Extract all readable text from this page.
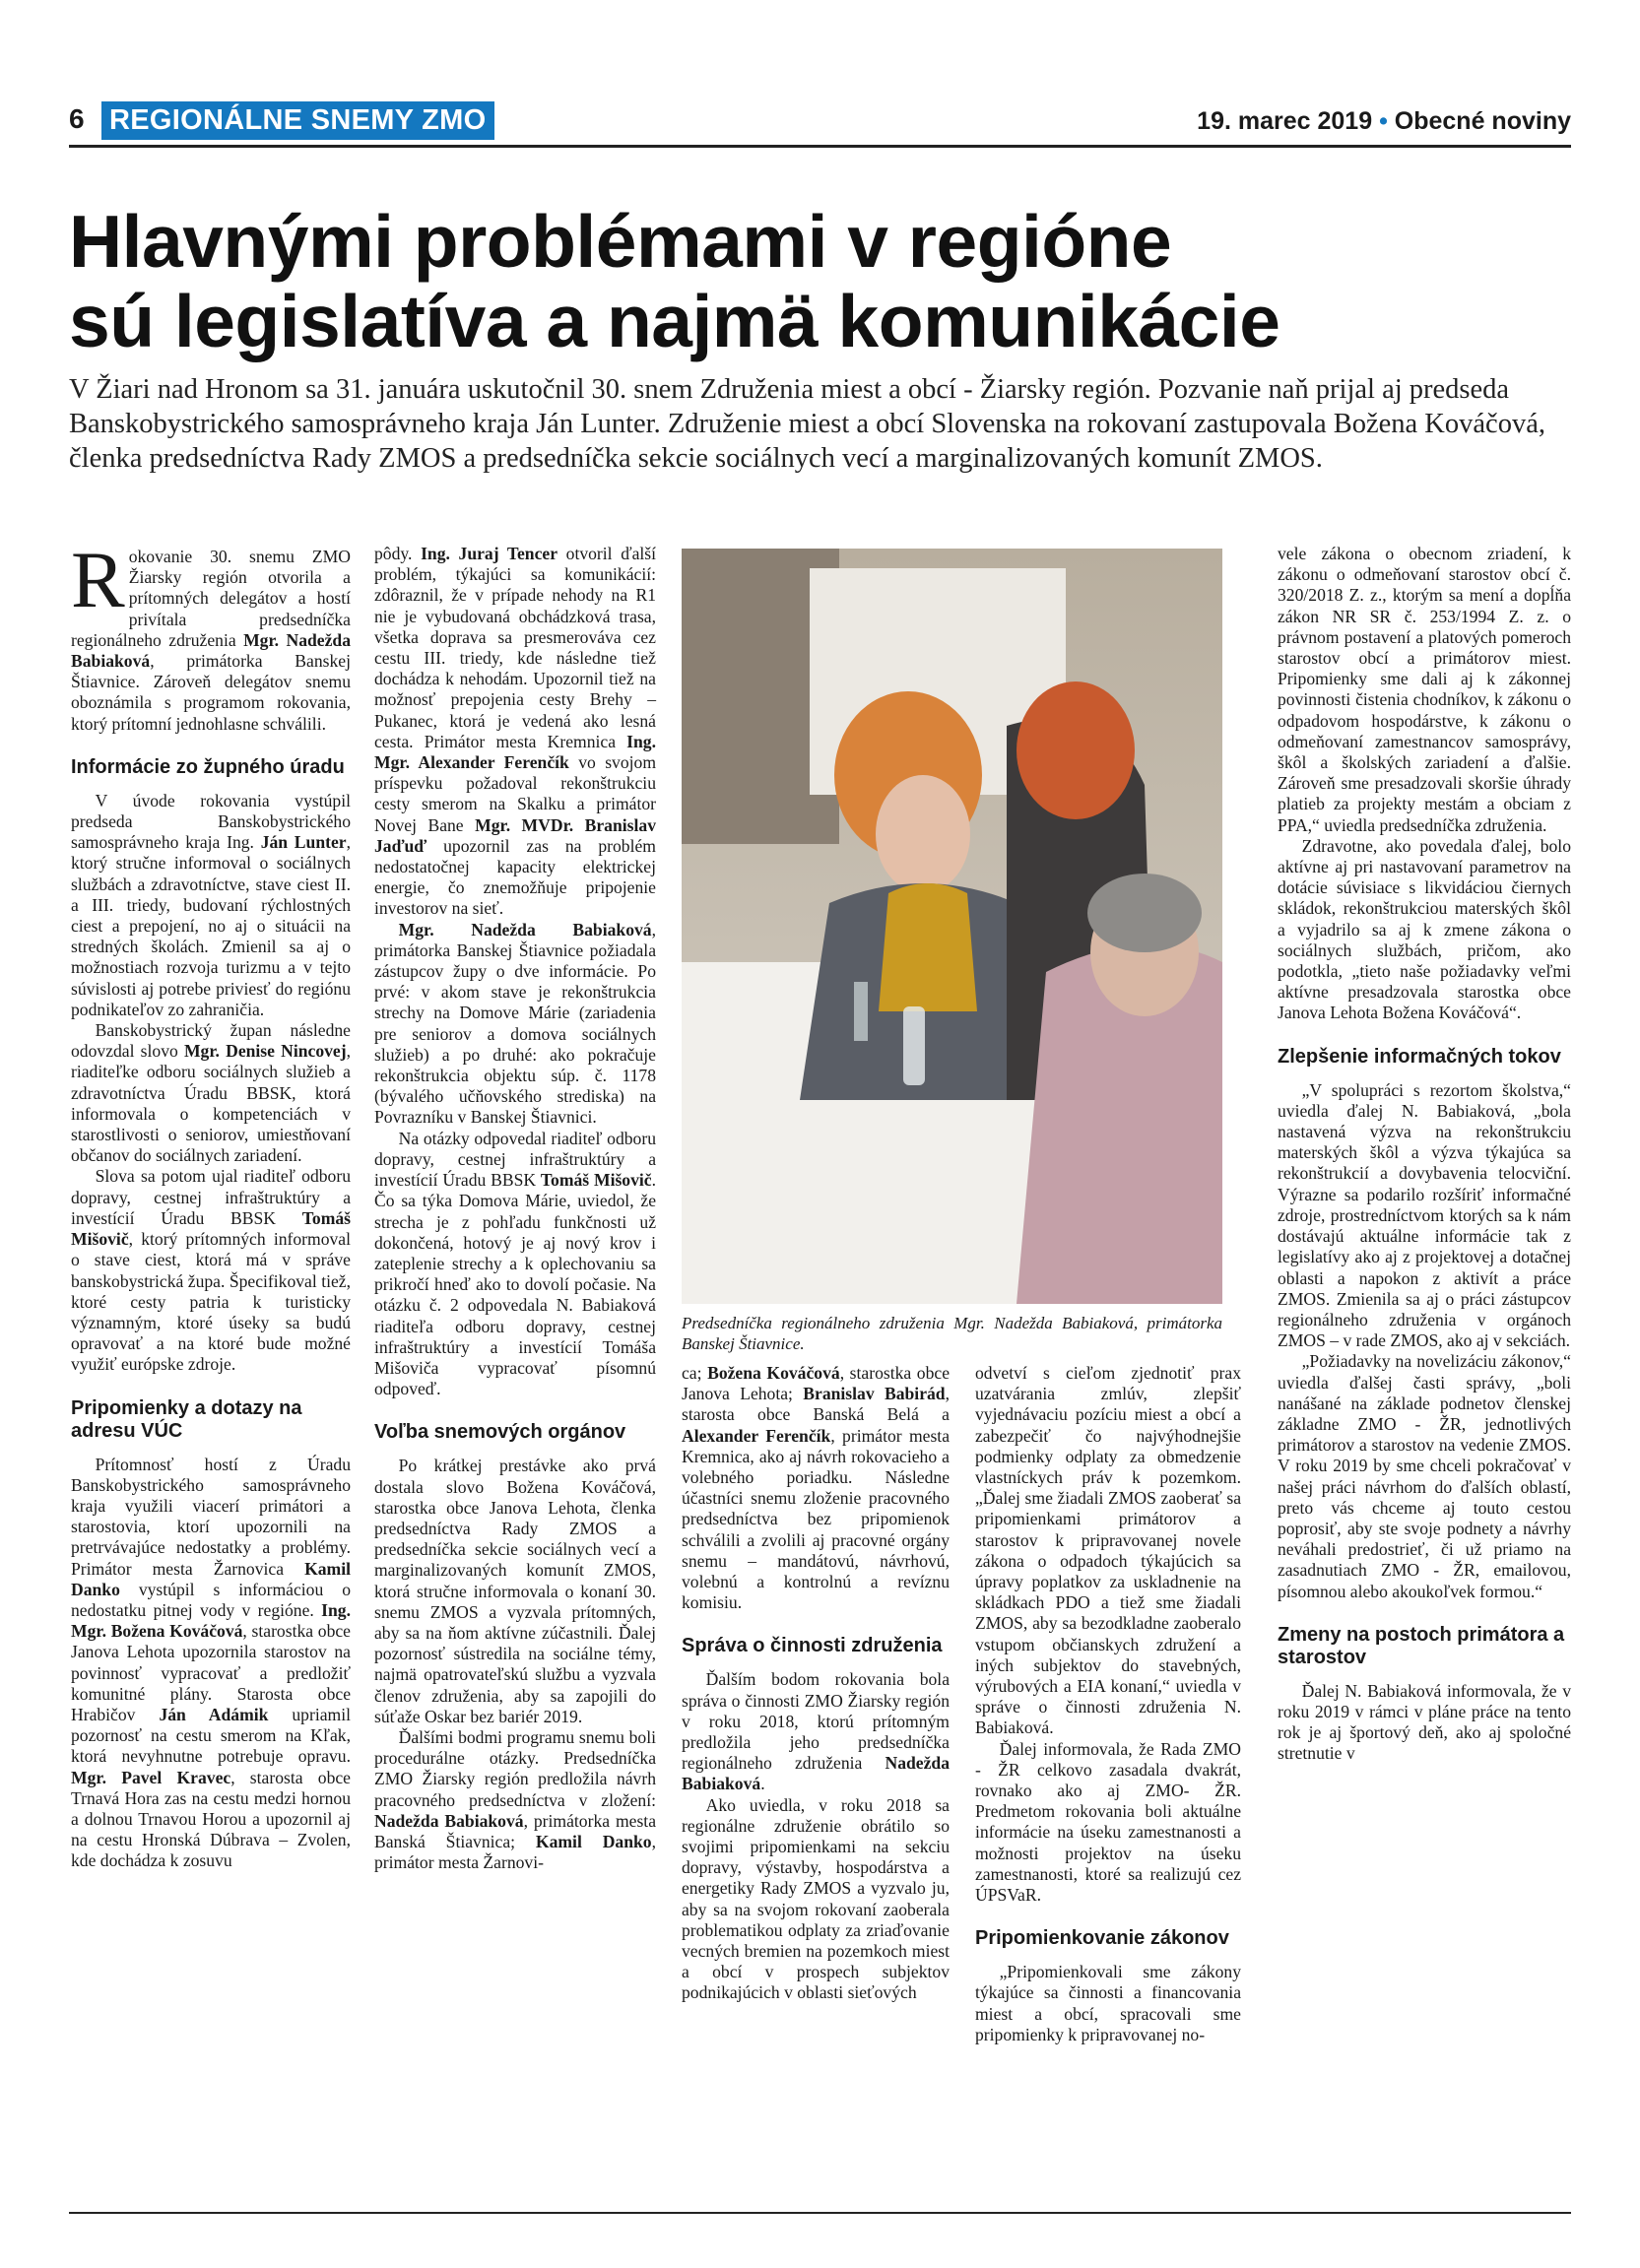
6 REGIONÁLNE SNEMY ZMO	19. marec 2019 • Obecné noviny
Hlavnými problémami v regióne
sú legislatíva a najmä komunikácie

V Žiari nad Hronom sa 31. januára uskutočnil 30. snem Združenia miest a obcí - Žiarsky región. Pozvanie naň prijal aj predseda Banskobystrického samosprávneho kraja Ján Lunter. Združenie miest a obcí Slovenska na rokovaní zastupovala Božena Kováčová, členka predsedníctva Rady ZMOS a predsedníčka sekcie sociálnych vecí a marginalizovaných komunít ZMOS.

Rokovanie 30. snemu ZMO Žiarsky región otvorila a prítomných delegátov a hostí privítala predsedníčka regionálneho združenia Mgr. Nadežda Babiaková, primátorka Banskej Štiavnice. Zároveň delegátov snemu oboznámila s programom rokovania, ktorý prítomní jednohlasne schválili.

Informácie zo župného úradu

V úvode rokovania vystúpil predseda Banskobystrického samosprávneho kraja Ing. Ján Lunter, ktorý stručne informoval o sociálnych službách a zdravotníctve, stave ciest II. a III. triedy, budovaní rýchlostných ciest a prepojení, no aj o situácii na stredných školách. Zmienil sa aj o možnostiach rozvoja turizmu a v tejto súvislosti aj potrebe priviesť do regiónu podnikateľov zo zahraničia.

Banskobystrický župan následne odovzdal slovo Mgr. Denise Nincovej, riaditeľke odboru sociálnych služieb a zdravotníctva Úradu BBSK, ktorá informovala o kompetenciách v starostlivosti o seniorov, umiestňovaní občanov do sociálnych zariadení.

Slova sa potom ujal riaditeľ odboru dopravy, cestnej infraštruktúry a investícií Úradu BBSK Tomáš Mišovič, ktorý prítomných informoval o stave ciest, ktorá má v správe banskobystrická župa. Špecifikoval tiež, ktoré cesty patria k turisticky významným, ktoré úseky sa budú opravovať a na ktoré bude možné využiť európske zdroje.

Pripomienky a dotazy na adresu VÚC

Prítomnosť hostí z Úradu Banskobystrického samosprávneho kraja využili viacerí primátori a starostovia, ktorí upozornili na pretrvávajúce nedostatky a problémy. Primátor mesta Žarnovica Kamil Danko vystúpil s informáciou o nedostatku pitnej vody v regióne. Ing. Mgr. Božena Kováčová, starostka obce Janova Lehota upozornila starostov na povinnosť vypracovať a predložiť komunitné plány. Starosta obce Hrabičov Ján Adámik upriamil pozornosť na cestu smerom na Kľak, ktorá nevyhnutne potrebuje opravu. Mgr. Pavel Kravec, starosta obce Trnavá Hora zas na cestu medzi hornou a dolnou Trnavou Horou a upozornil aj na cestu Hronská Dúbrava – Zvolen, kde dochádza k zosuvu

pôdy. Ing. Juraj Tencer otvoril ďalší problém, týkajúci sa komunikácií: zdôraznil, že v prípade nehody na R1 nie je vybudovaná obchádzková trasa, všetka doprava sa presmerováva cez cestu III. triedy, kde následne tiež dochádza k nehodám. Upozornil tiež na možnosť prepojenia cesty Brehy – Pukanec, ktorá je vedená ako lesná cesta. Primátor mesta Kremnica Ing. Mgr. Alexander Ferenčík vo svojom príspevku požadoval rekonštrukciu cesty smerom na Skalku a primátor Novej Bane Mgr. MVDr. Branislav Jaďuď upozornil zas na problém nedostatočnej kapacity elektrickej energie, čo znemožňuje pripojenie investorov na sieť.

Mgr. Nadežda Babiaková, primátorka Banskej Štiavnice požiadala zástupcov župy o dve informácie. Po prvé: v akom stave je rekonštrukcia strechy na Domove Márie (zariadenia pre seniorov a domova sociálnych služieb) a po druhé: ako pokračuje rekonštrukcia objektu súp. č. 1178 (bývalého učňovského strediska) na Povrazníku v Banskej Štiavnici.

Na otázky odpovedal riaditeľ odboru dopravy, cestnej infraštruktúry a investícií Úradu BBSK Tomáš Mišovič. Čo sa týka Domova Márie, uviedol, že strecha je z pohľadu funkčnosti už dokončená, hotový je aj nový krov i zateplenie strechy a k oplechovaniu sa prikročí hneď ako to dovolí počasie. Na otázku č. 2 odpovedala N. Babiaková riaditeľa odboru dopravy, cestnej infraštruktúry a investícií Tomáša Mišoviča vypracovať písomnú odpoveď.

Voľba snemových orgánov

Po krátkej prestávke ako prvá dostala slovo Božena Kováčová, starostka obce Janova Lehota, členka predsedníctva Rady ZMOS a predsedníčka sekcie sociálnych vecí a marginalizovaných komunít ZMOS, ktorá stručne informovala o konaní 30. snemu ZMOS a vyzvala prítomných, aby sa na ňom aktívne zúčastnili. Ďalej pozornosť sústredila na sociálne témy, najmä opatrovateľskú službu a vyzvala členov združenia, aby sa zapojili do súťaže Oskar bez bariér 2019.

Ďalšími bodmi programu snemu boli procedurálne otázky. Predsedníčka ZMO Žiarsky región predložila návrh pracovného predsedníctva v zložení: Nadežda Babiaková, primátorka mesta Banská Štiavnica; Kamil Danko, primátor mesta Žarnovi-

ca; Božena Kováčová, starostka obce Janova Lehota; Branislav Babirád, starosta obce Banská Belá a Alexander Ferenčík, primátor mesta Kremnica, ako aj návrh rokovacieho a volebného poriadku. Následne účastníci snemu zloženie pracovného predsedníctva bez pripomienok schválili a zvolili aj pracovné orgány snemu – mandátovú, návrhovú, volebnú a kontrolnú a revíznu komisiu.

Správa o činnosti združenia

Ďalším bodom rokovania bola správa o činnosti ZMO Žiarsky región v roku 2018, ktorú prítomným predložila jeho predsedníčka regionálneho združenia Nadežda Babiaková.

Ako uviedla, v roku 2018 sa regionálne združenie obrátilo so svojimi pripomienkami na sekciu dopravy, výstavby, hospodárstva a energetiky Rady ZMOS a vyzvalo ju, aby sa na svojom rokovaní zaoberala problematikou odplaty za zriaďovanie vecných bremien na pozemkoch miest a obcí v prospech subjektov podnikajúcich v oblasti sieťových

odvetví s cieľom zjednotiť prax uzatvárania zmlúv, zlepšiť vyjednávaciu pozíciu miest a obcí a zabezpečiť čo najvýhodnejšie podmienky odplaty za obmedzenie vlastníckych práv k pozemkom. „Ďalej sme žiadali ZMOS zaoberať sa pripomienkami primátorov a starostov k pripravovanej novele zákona o odpadoch týkajúcich sa úpravy poplatkov za uskladnenie na skládkach PDO a tiež sme žiadali ZMOS, aby sa bezodkladne zaoberalo vstupom občianskych združení a iných subjektov do stavebných, výrubových a EIA konaní,“ uviedla v správe o činnosti združenia N. Babiaková.

Ďalej informovala, že Rada ZMO - ŽR celkovo zasadala dvakrát, rovnako ako aj ZMO- ŽR. Predmetom rokovania boli aktuálne informácie na úseku zamestnanosti a možnosti projektov na úseku zamestnanosti, ktoré sa realizujú cez ÚPSVaR.

Pripomienkovanie zákonov

„Pripomienkovali sme zákony týkajúce sa činnosti a financovania miest a obcí, spracovali sme pripomienky k pripravovanej no-

vele zákona o obecnom zriadení, k zákonu o odmeňovaní starostov obcí č. 320/2018 Z. z., ktorým sa mení a dopĺňa zákon NR SR č. 253/1994 Z. z. o právnom postavení a platových pomeroch starostov obcí a primátorov miest. Pripomienky sme dali aj k zákonnej povinnosti čistenia chodníkov, k zákonu o odpadovom hospodárstve, k zákonu o odmeňovaní zamestnancov samosprávy, škôl a školských zariadení a ďalšie. Zároveň sme presadzovali skoršie úhrady platieb za projekty mestám a obciam z PPA,“ uviedla predsedníčka združenia.

Zdravotne, ako povedala ďalej, bolo aktívne aj pri nastavovaní parametrov na dotácie súvisiace s likvidáciou čiernych skládok, rekonštrukciou materských škôl a vyjadrilo sa aj k zmene zákona o sociálnych službách, pričom, ako podotkla, „tieto naše požiadavky veľmi aktívne presadzovala starostka obce Janova Lehota Božena Kováčová“.

Zlepšenie informačných tokov

„V spolupráci s rezortom školstva,“ uviedla ďalej N. Babiaková, „bola nastavená výzva na rekonštrukciu materských škôl a výzva týkajúca sa rekonštrukcií a dovybavenia telocviční. Výrazne sa podarilo rozšíriť informačné zdroje, prostredníctvom ktorých sa k nám dostávajú aktuálne informácie tak z legislatívy ako aj z projektovej a dotačnej oblasti a napokon z aktivít a práce ZMOS. Zmienila sa aj o práci zástupcov regionálneho združenia v orgánoch ZMOS – v rade ZMOS, ako aj v sekciách.

„Požiadavky na novelizáciu zákonov,“ uviedla ďalšej časti správy, „boli nanášané na základe podnetov členskej základne ZMO - ŽR, jednotlivých primátorov a starostov na vedenie ZMOS. V roku 2019 by sme chceli pokračovať v našej práci návrhom do ďalších oblastí, preto vás chceme aj touto cestou poprosiť, aby ste svoje podnety a návrhy neváhali predostrieť, či už priamo na zasadnutiach ZMO - ŽR, emailovou, písomnou alebo akoukoľvek formou.“

Zmeny na postoch primátora a starostov

Ďalej N. Babiaková informovala, že v roku 2019 v rámci v pláne práce na tento rok je aj športový deň, ako aj spoločné stretnutie v

Predsedníčka regionálneho združenia Mgr. Nadežda Babiaková, primátorka Banskej Štiavnice.
